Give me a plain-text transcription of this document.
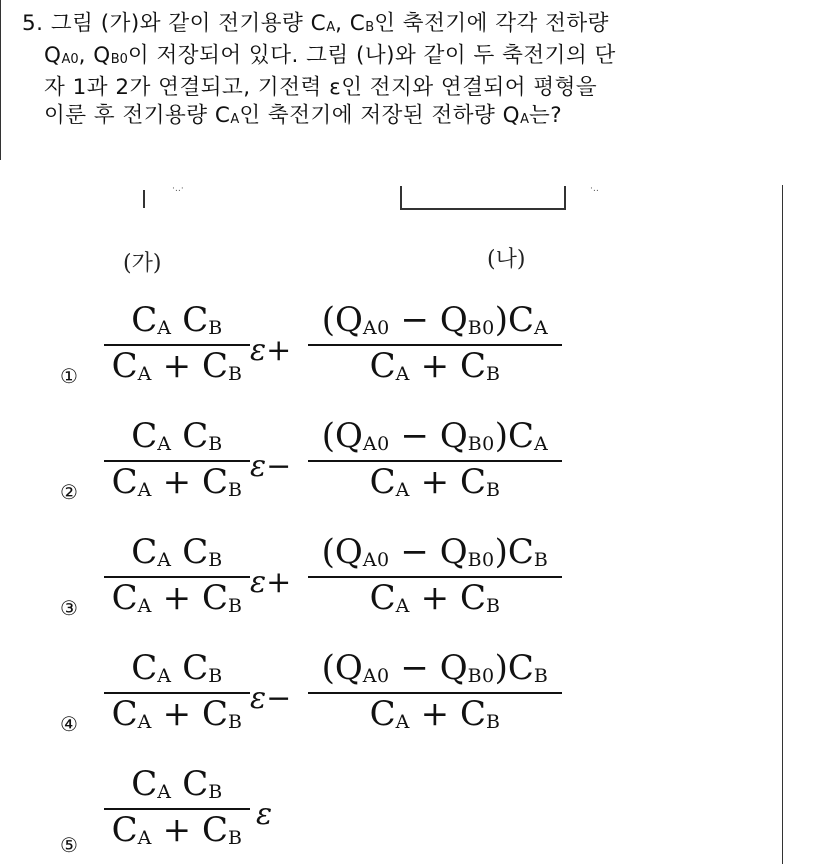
5. 그림 (가)와 같이 전기용량 CA, CB인 축전기에 각각 전하량
QA0, QB0이 저장되어 있다. 그림 (나)와 같이 두 축전기의 단
자 1과 2가 연결되고, 기전력 ε인 전지와 연결되어 평형을
이룬 후 전기용량 CA인 축전기에 저장된 전하량 QA는?
·‥·	·‥
(가)	(나)
①
CA CB
CA + CB
ε+
(QA0 − QB0)CA
CA + CB
②
CA CB
CA + CB
ε−
(QA0 − QB0)CA
CA + CB
③
CA CB
CA + CB
ε+
(QA0 − QB0)CB
CA + CB
④
CA CB
CA + CB
ε−
(QA0 − QB0)CB
CA + CB
⑤
CA CB
CA + CB
ε
